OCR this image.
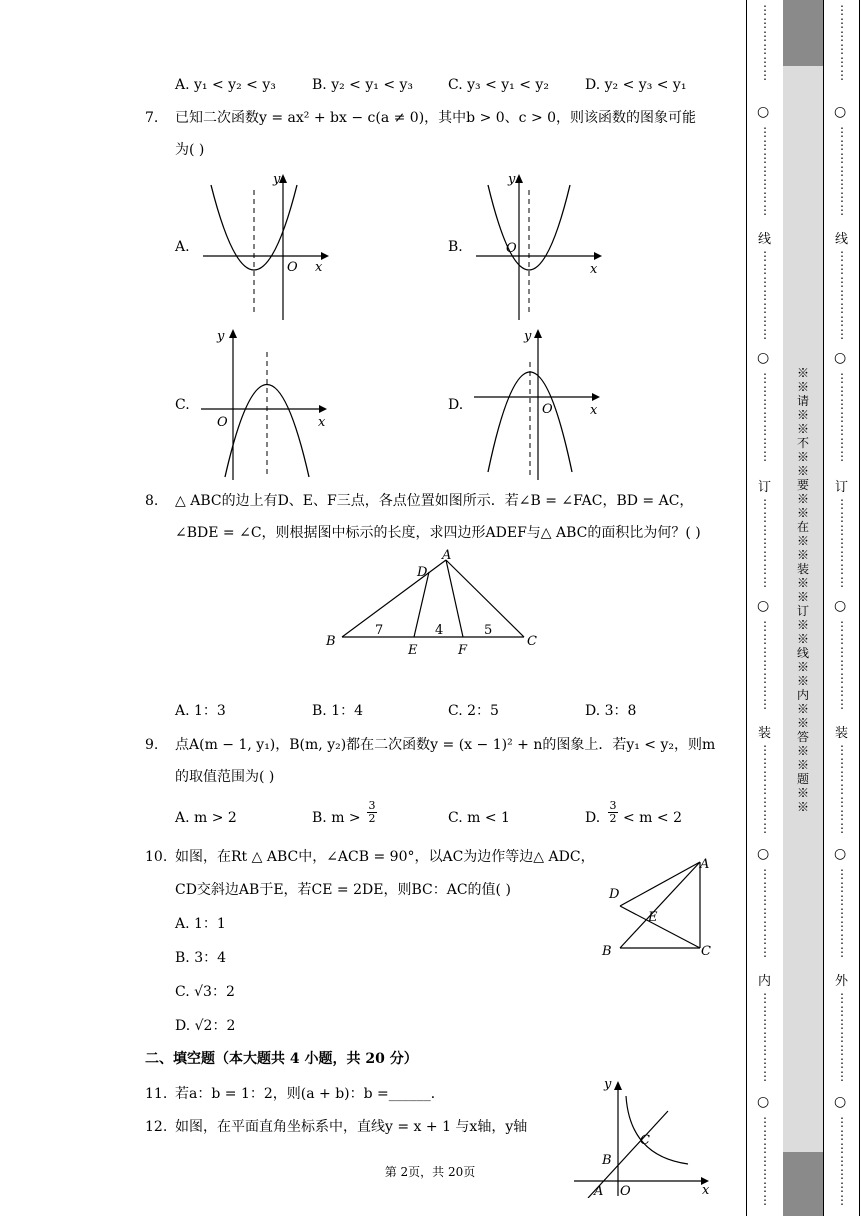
A. y₁ < y₂ < y₃	B. y₂ < y₁ < y₃ C. y₃ < y₁ < y₂	D. y₂ < y₃ < y₁
7. 已知二次函数y = ax² + bx − c(a ≠ 0)，其中b > 0、c > 0，则该函数的图象可能
为( )
A.	B.
C.	D.
y
O x
y
O
x
y
O	x
y
O	x
8. △ ABC的边上有D、E、F三点，各点位置如图所示．若∠B = ∠FAC，BD = AC，
∠BDE = ∠C，则根据图中标示的长度，求四边形ADEF与△ ABC的面积比为何？( )
A
D
B	C
E	F
7	4	5
A. 1：3	B. 1：4	C. 2：5	D. 3：8
9. 点A(m − 1, y₁)，B(m, y₂)都在二次函数y = (x − 1)² + n的图象上．若y₁ < y₂，则m
的取值范围为( )
A. m > 2	B. $m > \frac{3}{2}$	C. m < 1	D. $\frac{3}{2} < m < 2$
10. 如图，在Rt △ ABC中，∠ACB = 90°，以AC为边作等边△ ADC，
CD交斜边AB于E，若CE = 2DE，则BC：AC的值( )
A. 1：1
B. 3：4
C. √3：2
D. √2：2
A
D
E
B	C
二、填空题（本大题共 4 小题，共 20 分）
11. 若a：b = 1：2，则(a + b)：b =______．
12. 如图，在平面直角坐标系中，直线y = x + 1 与x轴，y轴
y
x
C
B
A O
第 2页，共 20页
⋮
⋮
⋮
⋮
⋮
⋮
○
⋮
⋮
⋮
⋮
⋮
⋮
⋮
线
⋮
⋮
⋮
⋮
⋮
⋮
⋮
○
⋮
⋮
⋮
⋮
⋮
⋮
⋮
订
⋮
⋮
⋮
⋮
⋮
⋮
⋮
○
⋮
⋮
⋮
⋮
⋮
⋮
⋮
装
⋮
⋮
⋮
⋮
⋮
⋮
⋮
○
⋮
⋮
⋮
⋮
⋮
⋮
⋮
内
⋮
⋮
⋮
⋮
⋮
⋮
⋮
○
⋮
⋮
⋮
⋮
⋮
⋮
⋮
※※请※※不※※要※※在※※装※※订※※线※※内※※答※※题※※
⋮
⋮
⋮
⋮
⋮
⋮
○
⋮
⋮
⋮
⋮
⋮
⋮
⋮
线
⋮
⋮
⋮
⋮
⋮
⋮
⋮
○
⋮
⋮
⋮
⋮
⋮
⋮
⋮
订
⋮
⋮
⋮
⋮
⋮
⋮
⋮
○
⋮
⋮
⋮
⋮
⋮
⋮
⋮
装
⋮
⋮
⋮
⋮
⋮
⋮
⋮
○
⋮
⋮
⋮
⋮
⋮
⋮
⋮
外
⋮
⋮
⋮
⋮
⋮
⋮
⋮
○
⋮
⋮
⋮
⋮
⋮
⋮
⋮
